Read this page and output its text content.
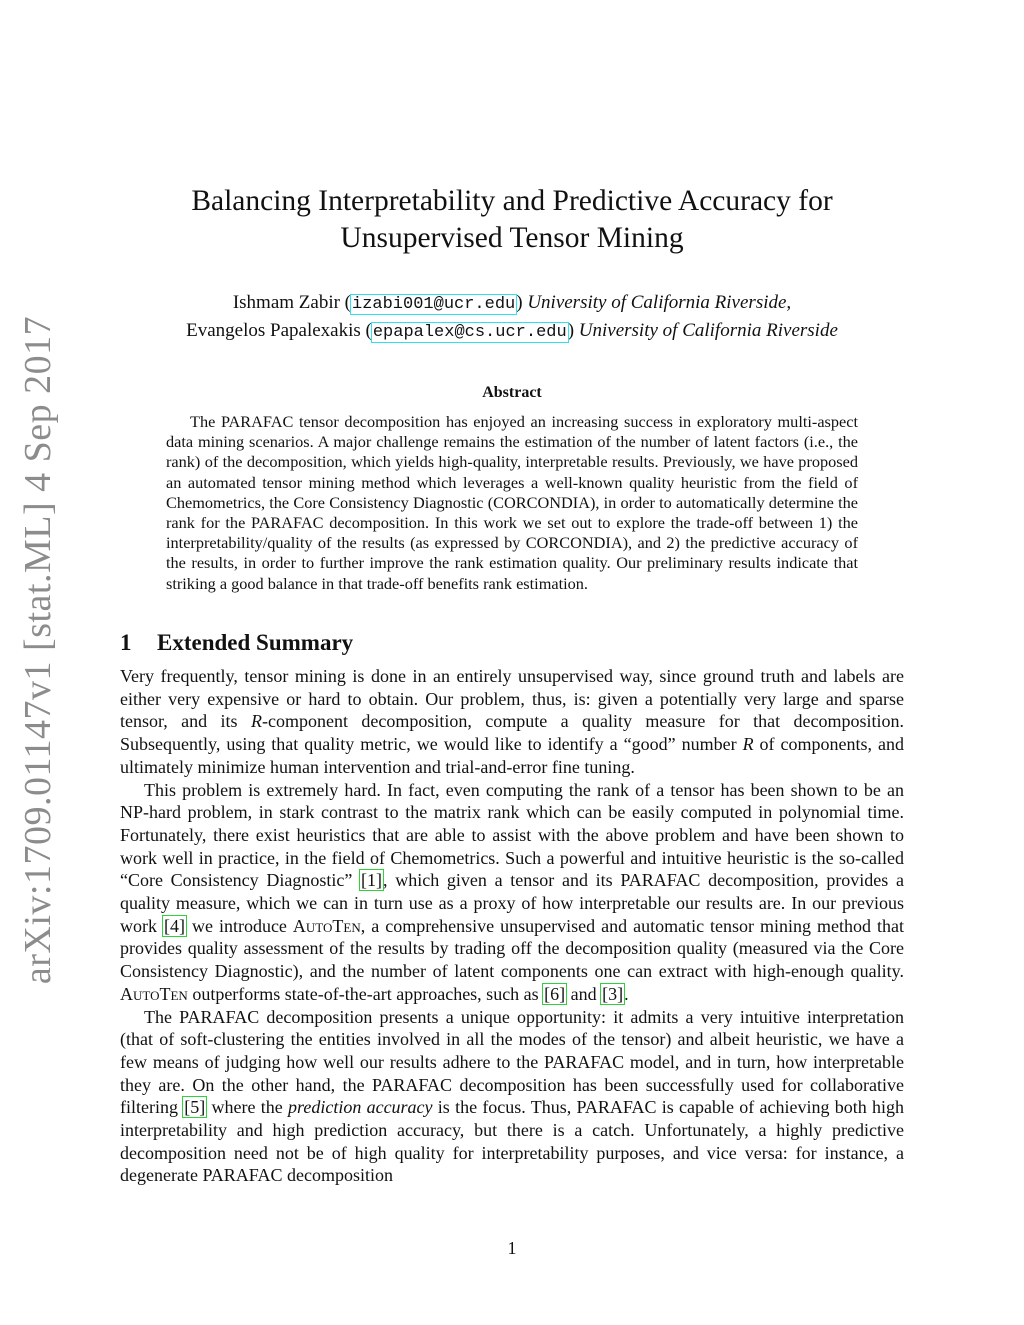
arXiv:1709.01147v1 [stat.ML] 4 Sep 2017
Balancing Interpretability and Predictive Accuracy for
Unsupervised Tensor Mining
Ishmam Zabir (izabi001@ucr.edu) University of California Riverside,
Evangelos Papalexakis (epapalex@cs.ucr.edu) University of California Riverside
Abstract
The PARAFAC tensor decomposition has enjoyed an increasing success in exploratory multi-aspect data mining scenarios. A major challenge remains the estimation of the number of latent factors (i.e., the rank) of the decomposition, which yields high-quality, interpretable results. Previously, we have proposed an automated tensor mining method which leverages a well-known quality heuristic from the field of Chemometrics, the Core Consistency Diagnostic (CORCONDIA), in order to automatically determine the rank for the PARAFAC decomposition. In this work we set out to explore the trade-off between 1) the interpretability/quality of the results (as expressed by CORCONDIA), and 2) the predictive accuracy of the results, in order to further improve the rank estimation quality. Our preliminary results indicate that striking a good balance in that trade-off benefits rank estimation.
1 Extended Summary

Very frequently, tensor mining is done in an entirely unsupervised way, since ground truth and labels are either very expensive or hard to obtain. Our problem, thus, is: given a potentially very large and sparse tensor, and its R-component decomposition, compute a quality measure for that decomposition. Subsequently, using that quality metric, we would like to identify a “good” number R of components, and ultimately minimize human intervention and trial-and-error fine tuning.

This problem is extremely hard. In fact, even computing the rank of a tensor has been shown to be an NP-hard problem, in stark contrast to the matrix rank which can be easily computed in polynomial time. Fortunately, there exist heuristics that are able to assist with the above problem and have been shown to work well in practice, in the field of Chemometrics. Such a powerful and intuitive heuristic is the so-called “Core Consistency Diagnostic” [1], which given a tensor and its PARAFAC decomposition, provides a quality measure, which we can in turn use as a proxy of how interpretable our results are. In our previous work [4] we introduce AutoTen, a comprehensive unsupervised and automatic tensor mining method that provides quality assessment of the results by trading off the decomposition quality (measured via the Core Consistency Diagnostic), and the number of latent components one can extract with high-enough quality. AutoTen outperforms state-of-the-art approaches, such as [6] and [3].

The PARAFAC decomposition presents a unique opportunity: it admits a very intuitive interpretation (that of soft-clustering the entities involved in all the modes of the tensor) and albeit heuristic, we have a few means of judging how well our results adhere to the PARAFAC model, and in turn, how interpretable they are. On the other hand, the PARAFAC decomposition has been successfully used for collaborative filtering [5] where the prediction accuracy is the focus. Thus, PARAFAC is capable of achieving both high interpretability and high prediction accuracy, but there is a catch. Unfortunately, a highly predictive decomposition need not be of high quality for interpretability purposes, and vice versa: for instance, a degenerate PARAFAC decomposition

1
